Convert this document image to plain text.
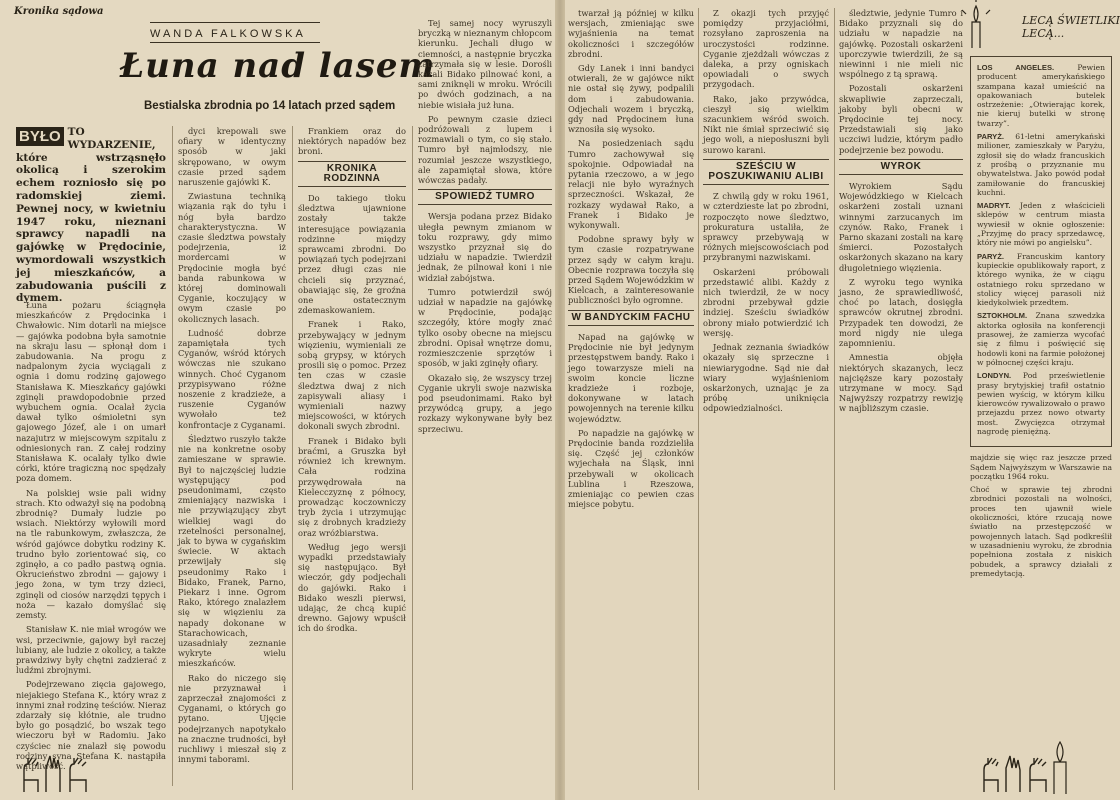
Kronika sądowa
WANDA FALKOWSKA
Łuna nad lasem
Bestialska zbrodnia po 14 latach przed sądem
BYŁO TO WYDARZENIE, które wstrząsnęło okolicą i szerokim echem rozniosło się po radomskiej ziemi. Pewnej nocy, w kwietniu 1947 roku, nieznani sprawcy napadli na gajówkę w Prędocinie, wymordowali wszystkich jej mieszkańców, a zabudowania puścili z dymem.

Łuna pożaru ściągnęła mieszkańców z Prędocinka i Chwałowic. Nim dotarli na miejsce — gajówka podobna była samotnie na skraju lasu — spłonął dom i zabudowania. Na progu z nadpalonym życia wyciągali z ognia i domu rodzinę gajowego Stanisława K. Mieszkańcy gajówki zginęli prawdopodobnie przed wybuchem ognia. Ocalał życia dawał tylko ośmioletni syn gajowego Józef, ale i on umarł nazajutrz w miejscowym szpitalu z odniesionych ran. Z całej rodziny Stanisława K. ocalały tylko dwie córki, które tragiczną noc spędzały poza domem.

Na polskiej wsie pali widny strach. Kto odważył się na podobną zbrodnię? Dumały ludzie po wsiach. Niektórzy wyłowili mord na tle rabunkowym, zwłaszcza, że wśród gajówce dobytku rodziny K. trudno było zorientować się, co zginęło, a co padło pastwą ognia. Okrucieństwo zbrodni — gajowy i jego żona, w tym trzy dzieci, zginęli od ciosów narzędzi tępych i noża — kazało domyślać się zemsty.

Stanisław K. nie miał wrogów we wsi, przeciwnie, gajowy był raczej lubiany, ale ludzie z okolicy, a także prawdziwy były chętni zadzierać z ludźmi zbrojnymi.

Podejrzewano zięcia gajowego, niejakiego Stefana K., który wraz z innymi znał rodzinę teściów. Nieraz zdarzały się kłótnie, ale trudno było go posądzić, bo wszak tego wieczoru był w Radomiu. Jako czyściec nie znalazł się powodu rodziny syna Stefana K. nastąpiła wątpliwość.

dyci krepowali swe ofiary w identyczny sposób w jaki skrępowano, w owym czasie przed sądem naruszenie gajówki K.

Zwiastuna techniką wiązania rąk do tyłu i nóg była bardzo charakterystyczna. W czasie śledztwa powstały podejrzenia, iż mordercami w Prędocinie mogła być banda rabunkowa w której dominowali Cyganie, koczujący w owym czasie po okolicznych lasach.

Ludność dobrze zapamiętała tych Cyganów, wśród których wówczas nie szukano winnych. Choć Cyganom przypisywano różne noszenie z kradzieże, a ruszenie Cyganów wywołało też konfrontacje z Cyganami.

Śledztwo ruszyło także nie na konkretne osoby zamieszane w sprawie. Był to najczęściej ludzie występujący pod pseudonimami, często zmieniający nazwiska i nie przywiązujący zbyt wielkiej wagi do rzetelności personalnej, jak to bywa w cygańskim świecie. W aktach przewijały się pseudonimy Rako i Bidako, Franek, Parno, Piekarz i inne. Ogrom Rako, którego znalazłem się w więzieniu za napady dokonane w Starachowicach, uzasadniały zeznanie wykryte wielu mieszkańców.

Rako do niczego się nie przyznawał i zaprzeczał znajomości z Cyganami, o których go pytano. Ujęcie podejrzanych napotykało na znaczne trudności, był ruchliwy i mieszał się z innymi taborami.

Frankiem oraz do niektórych napadów bez broni.

KRONIKA RODZINNA

Do takiego tłoku śledztwa ujawnione zostały także interesujące powiązania rodzinne między sprawcami zbrodni. Do powiązań tych podejrzani przez długi czas nie chcieli się przyznać, obawiając się, że groźna one ostatecznym zdemaskowaniem.

Franek i Rako, przebywający w jednym więzieniu, wymieniali ze sobą grypsy, w których prosili się o pomoc. Przez ten czas w czasie śledztwa dwaj z nich zapisywali aliasy i wymieniali nazwy miejscowości, w których dokonali swych zbrodni.

Franek i Bidako byli braćmi, a Gruszka był również ich krewnym. Cała rodzina przywędrowała na Kielecczyznę z północy, prowadząc koczowniczy tryb życia i utrzymując się z drobnych kradzieży oraz wróżbiarstwa.

Według jego wersji wypadki przedstawiały się następująco. Był wieczór, gdy podjechali do gajówki. Rako i Bidako weszli pierwsi, udając, że chcą kupić drewno. Gajowy wpuścił ich do środka.

Tej samej nocy wyruszyli bryczką w nieznanym chłopcom kierunku. Jechali długo w ciemności, a następnie bryczka zatrzymała się w lesie. Dorośli kazali Bidako pilnować koni, a sami zniknęli w mroku. Wrócili po dwóch godzinach, a na niebie wisiała już łuna.

Po pewnym czasie dzieci podróżowali z lupem i rozmawiali o tym, co się stało. Tumro był najmłodszy, nie rozumiał jeszcze wszystkiego, ale zapamiętał słowa, które wówczas padały.

SPOWIEDŹ TUMRO

Wersja podana przez Bidako ułegła pewnym zmianom w toku rozprawy, gdy mimo wszystko przyznał się do udziału w napadzie. Twierdził jednak, że pilnował koni i nie widział zabójstwa.

Tumro potwierdził swój udział w napadzie na gajówkę w Prędocinie, podając szczegóły, które mogły znać tylko osoby obecne na miejscu zbrodni. Opisał wnętrze domu, rozmieszczenie sprzętów i sposób, w jaki zginęły ofiary.

Okazało się, że wszyscy trzej Cyganie ukryli swoje nazwiska pod pseudonimami. Rako był przywódcą grupy, a jego rozkazy wykonywane były bez sprzeciwu.

twarzał ją później w kilku wersjach, zmieniając swe wyjaśnienia na temat okoliczności i szczegółów zbrodni.

Gdy Lanek i inni bandyci otwierali, że w gajówce nikt nie ostał się żywy, podpalili dom i zabudowania. Odjechali wozem i bryczką, gdy nad Prędocinem łuna wznosiła się wysoko.

Na posiedzeniach sądu Tumro zachowywał się spokojnie. Odpowiadał na pytania rzeczowo, a w jego relacji nie było wyraźnych sprzeczności. Wskazał, że rozkazy wydawał Rako, a Franek i Bidako je wykonywali.

Podobne sprawy były w tym czasie rozpatrywane przez sądy w całym kraju. Obecnie rozprawa toczyła się przed Sądem Wojewódzkim w Kielcach, a zainteresowanie publiczności było ogromne.

W BANDYCKIM FACHU

Napad na gajówkę w Prędocinie nie był jedynym przestępstwem bandy. Rako i jego towarzysze mieli na swoim koncie liczne kradzieże i rozboje, dokonywane w latach powojennych na terenie kilku województw.

Po napadzie na gajówkę w Prędocinie banda rozdzieliła się. Część jej członków wyjechała na Śląsk, inni przebywali w okolicach Lublina i Rzeszowa, zmieniając co pewien czas miejsce pobytu.

Z okazji tych przyjęć pomiędzy przyjaciółmi, rozsyłano zaproszenia na uroczystości rodzinne. Cyganie zjeżdżali wówczas z daleka, a przy ogniskach opowiadali o swych przygodach.

Rako, jako przywódca, cieszył się wielkim szacunkiem wśród swoich. Nikt nie śmiał sprzeciwić się jego woli, a nieposłuszni byli surowo karani.

SZEŚCIU W POSZUKIWANIU ALIBI

Z chwilą gdy w roku 1961, w czterdzieste lat po zbrodni, rozpoczęto nowe śledztwo, prokuratura ustaliła, że sprawcy przebywają w różnych miejscowościach pod przybranymi nazwiskami.

Oskarżeni próbowali przedstawić alibi. Każdy z nich twierdził, że w nocy zbrodni przebywał gdzie indziej. Sześciu świadków obrony miało potwierdzić ich wersję.

Jednak zeznania świadków okazały się sprzeczne i niewiarygodne. Sąd nie dał wiary wyjaśnieniom oskarżonych, uznając je za próbę uniknięcia odpowiedzialności.

śledztwie, jedynie Tumro i Bidako przyznali się do udziału w napadzie na gajówkę. Pozostali oskarżeni uporczywie twierdzili, że są niewinni i nie mieli nic wspólnego z tą sprawą.

Pozostali oskarżeni skwapliwie zaprzeczali, jakoby byli obecni w Prędocinie tej nocy. Przedstawiali się jako uczciwi ludzie, którym padło podejrzenie bez powodu.

WYROK

Wyrokiem Sądu Wojewódzkiego w Kielcach oskarżeni zostali uznani winnymi zarzucanych im czynów. Rako, Franek i Parno skazani zostali na karę śmierci. Pozostałych oskarżonych skazano na kary długoletniego więzienia.

Z wyroku tego wynika jasno, że sprawiedliwość, choć po latach, dosięgła sprawców okrutnej zbrodni. Przypadek ten dowodzi, że mord nigdy nie ulega zapomnieniu.

Amnestia objęła niektórych skazanych, lecz najcięższe kary pozostały utrzymane w mocy. Sąd Najwyższy rozpatrzy rewizję w najbliższym czasie.

LECĄ ŚWIETLIKI LECĄ...

LOS ANGELES.	Pewien producent amerykańskiego szampana kazał umieścić na opakowaniach butelek ostrzeżenie: „Otwierając korek, nie kieruj butelki w stronę twarzy”.

PARYŻ. 61-letni amerykański milioner, zamieszkały w Paryżu, zgłosił się do władz francuskich z prośbą o przyznanie mu obywatelstwa. Jako powód podał zamiłowanie do francuskiej kuchni.

MADRYT. Jeden z właścicieli sklepów w centrum miasta wywiesił w oknie ogłoszenie: „Przyjmę do pracy sprzedawcę, który nie mówi po angielsku”.

PARYŻ. Francuskim kantory kupieckie opublikowały raport, z którego wynika, że w ciągu ostatniego roku sprzedano w stolicy więcej parasoli niż kiedykolwiek przedtem.

SZTOKHOLM. Znana szwedzka aktorka ogłosiła na konferencji prasowej, że zamierza wycofać się z filmu i poświęcić się hodowli koni na farmie położonej w północnej części kraju.

LONDYN. Pod prześwietlenie prasy brytyjskiej trafił ostatnio pewien wyścig, w którym kilku kierowców rywalizowało o prawo przejazdu przez nowo otwarty most. Zwycięzca otrzymał nagrodę pieniężną.

majdzie się więc raz jeszcze przed Sądem Najwyższym w Warszawie na początku 1964 roku.

Choć w sprawie tej zbrodni zbrodnici pozostali na wolności, proces ten ujawnił wiele okoliczności, które rzucają nowe światło na przestępczość w powojennych latach. Sąd podkreślił w uzasadnieniu wyroku, że zbrodnia popełniona została z niskich pobudek, a sprawcy działali z premedytacją.
